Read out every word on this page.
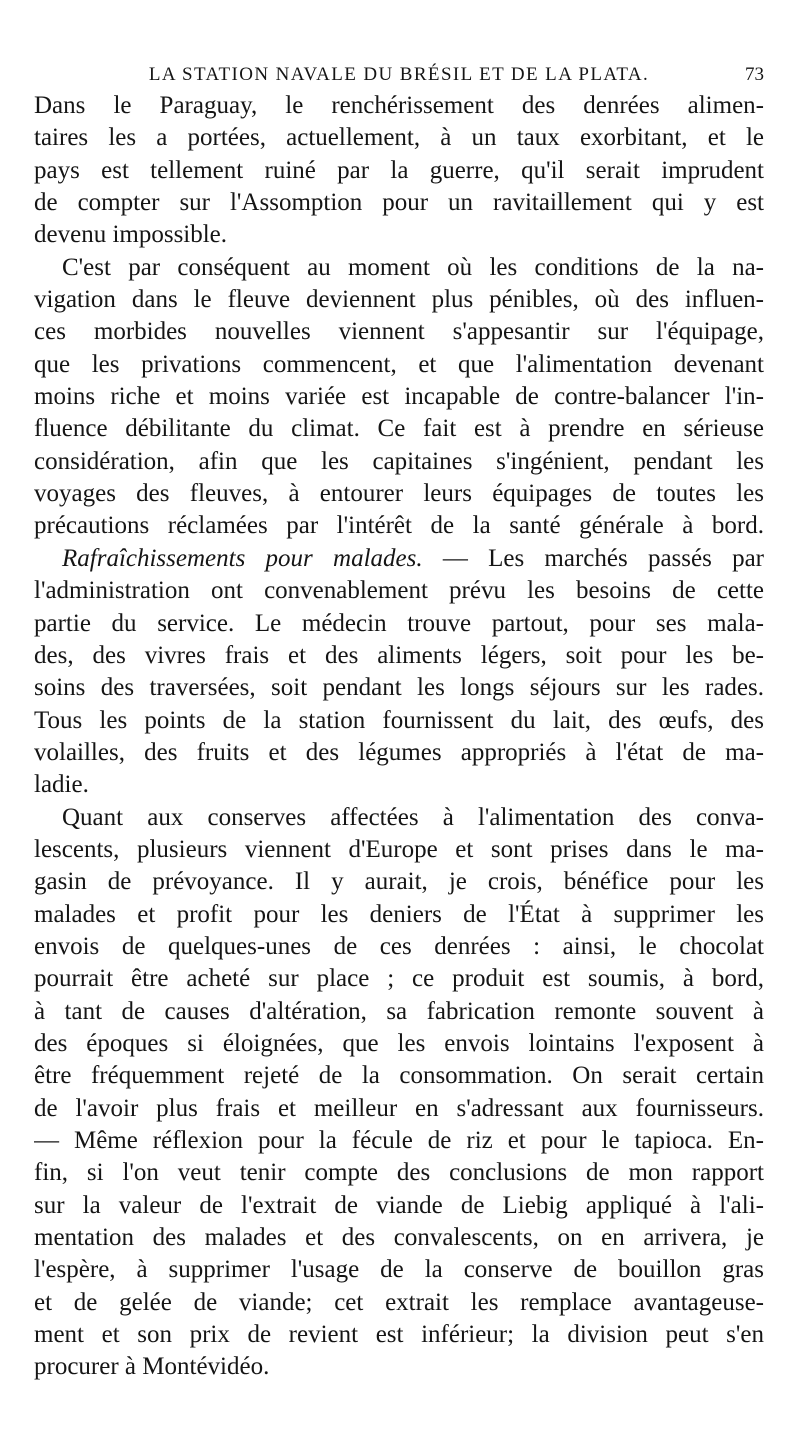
LA STATION NAVALE DU BRÉSIL ET DE LA PLATA.	73
Dans le Paraguay, le renchérissement des denrées alimen-
taires les a portées, actuellement, à un taux exorbitant, et le
pays est tellement ruiné par la guerre, qu'il serait imprudent
de compter sur l'Assomption pour un ravitaillement qui y est
devenu impossible.
C'est par conséquent au moment où les conditions de la na-
vigation dans le fleuve deviennent plus pénibles, où des influen-
ces morbides nouvelles viennent s'appesantir sur l'équipage,
que les privations commencent, et que l'alimentation devenant
moins riche et moins variée est incapable de contre-balancer l'in-
fluence débilitante du climat. Ce fait est à prendre en sérieuse
considération, afin que les capitaines s'ingénient, pendant les
voyages des fleuves, à entourer leurs équipages de toutes les
précautions réclamées par l'intérêt de la santé générale à bord.
Rafraîchissements pour malades. — Les marchés passés par
l'administration ont convenablement prévu les besoins de cette
partie du service. Le médecin trouve partout, pour ses mala-
des, des vivres frais et des aliments légers, soit pour les be-
soins des traversées, soit pendant les longs séjours sur les rades.
Tous les points de la station fournissent du lait, des œufs, des
volailles, des fruits et des légumes appropriés à l'état de ma-
ladie.
Quant aux conserves affectées à l'alimentation des conva-
lescents, plusieurs viennent d'Europe et sont prises dans le ma-
gasin de prévoyance. Il y aurait, je crois, bénéfice pour les
malades et profit pour les deniers de l'État à supprimer les
envois de quelques-unes de ces denrées : ainsi, le chocolat
pourrait être acheté sur place ; ce produit est soumis, à bord,
à tant de causes d'altération, sa fabrication remonte souvent à
des époques si éloignées, que les envois lointains l'exposent à
être fréquemment rejeté de la consommation. On serait certain
de l'avoir plus frais et meilleur en s'adressant aux fournisseurs.
— Même réflexion pour la fécule de riz et pour le tapioca. En-
fin, si l'on veut tenir compte des conclusions de mon rapport
sur la valeur de l'extrait de viande de Liebig appliqué à l'ali-
mentation des malades et des convalescents, on en arrivera, je
l'espère, à supprimer l'usage de la conserve de bouillon gras
et de gelée de viande; cet extrait les remplace avantageuse-
ment et son prix de revient est inférieur; la division peut s'en
procurer à Montévidéo.
